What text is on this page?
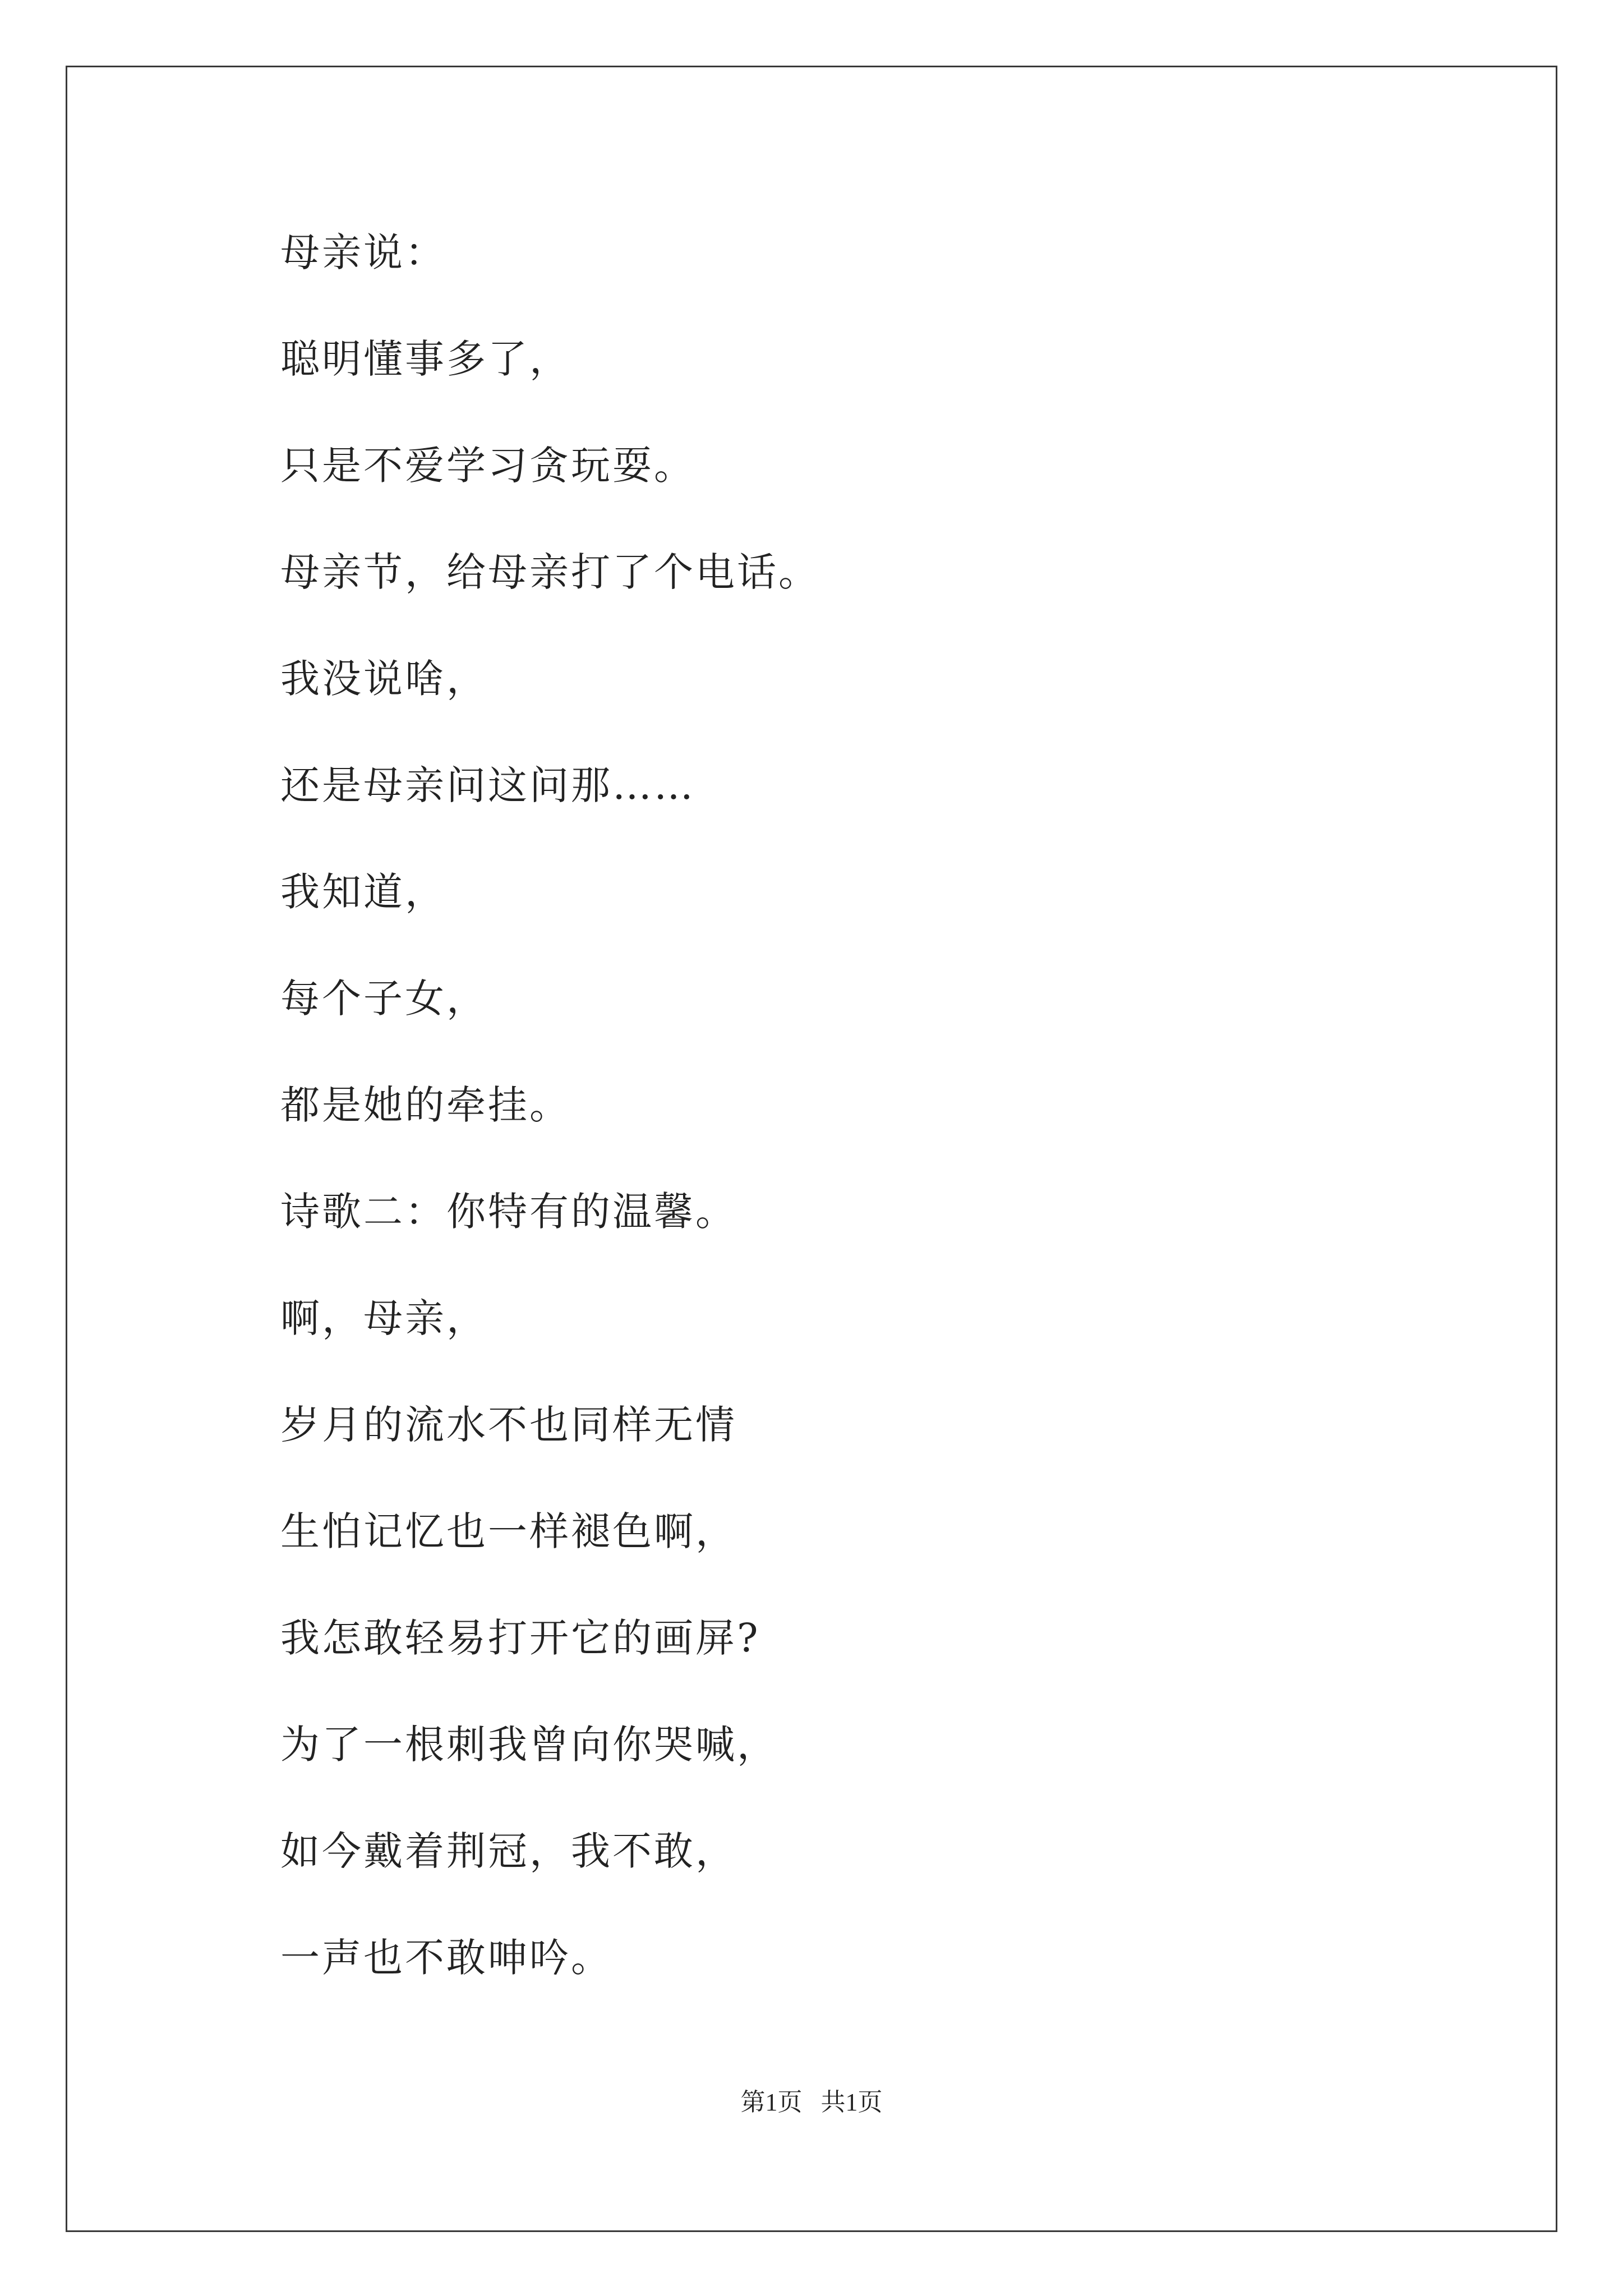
母亲说：

聪明懂事多了，

只是不爱学习贪玩耍。

母亲节，给母亲打了个电话。

我没说啥，

还是母亲问这问那……

我知道，

每个子女，

都是她的牵挂。

诗歌二：你特有的温馨。

啊，母亲，

岁月的流水不也同样无情

生怕记忆也一样褪色啊，

我怎敢轻易打开它的画屏?

为了一根刺我曾向你哭喊，

如今戴着荆冠，我不敢，

一声也不敢呻吟。

第1页   共1页
